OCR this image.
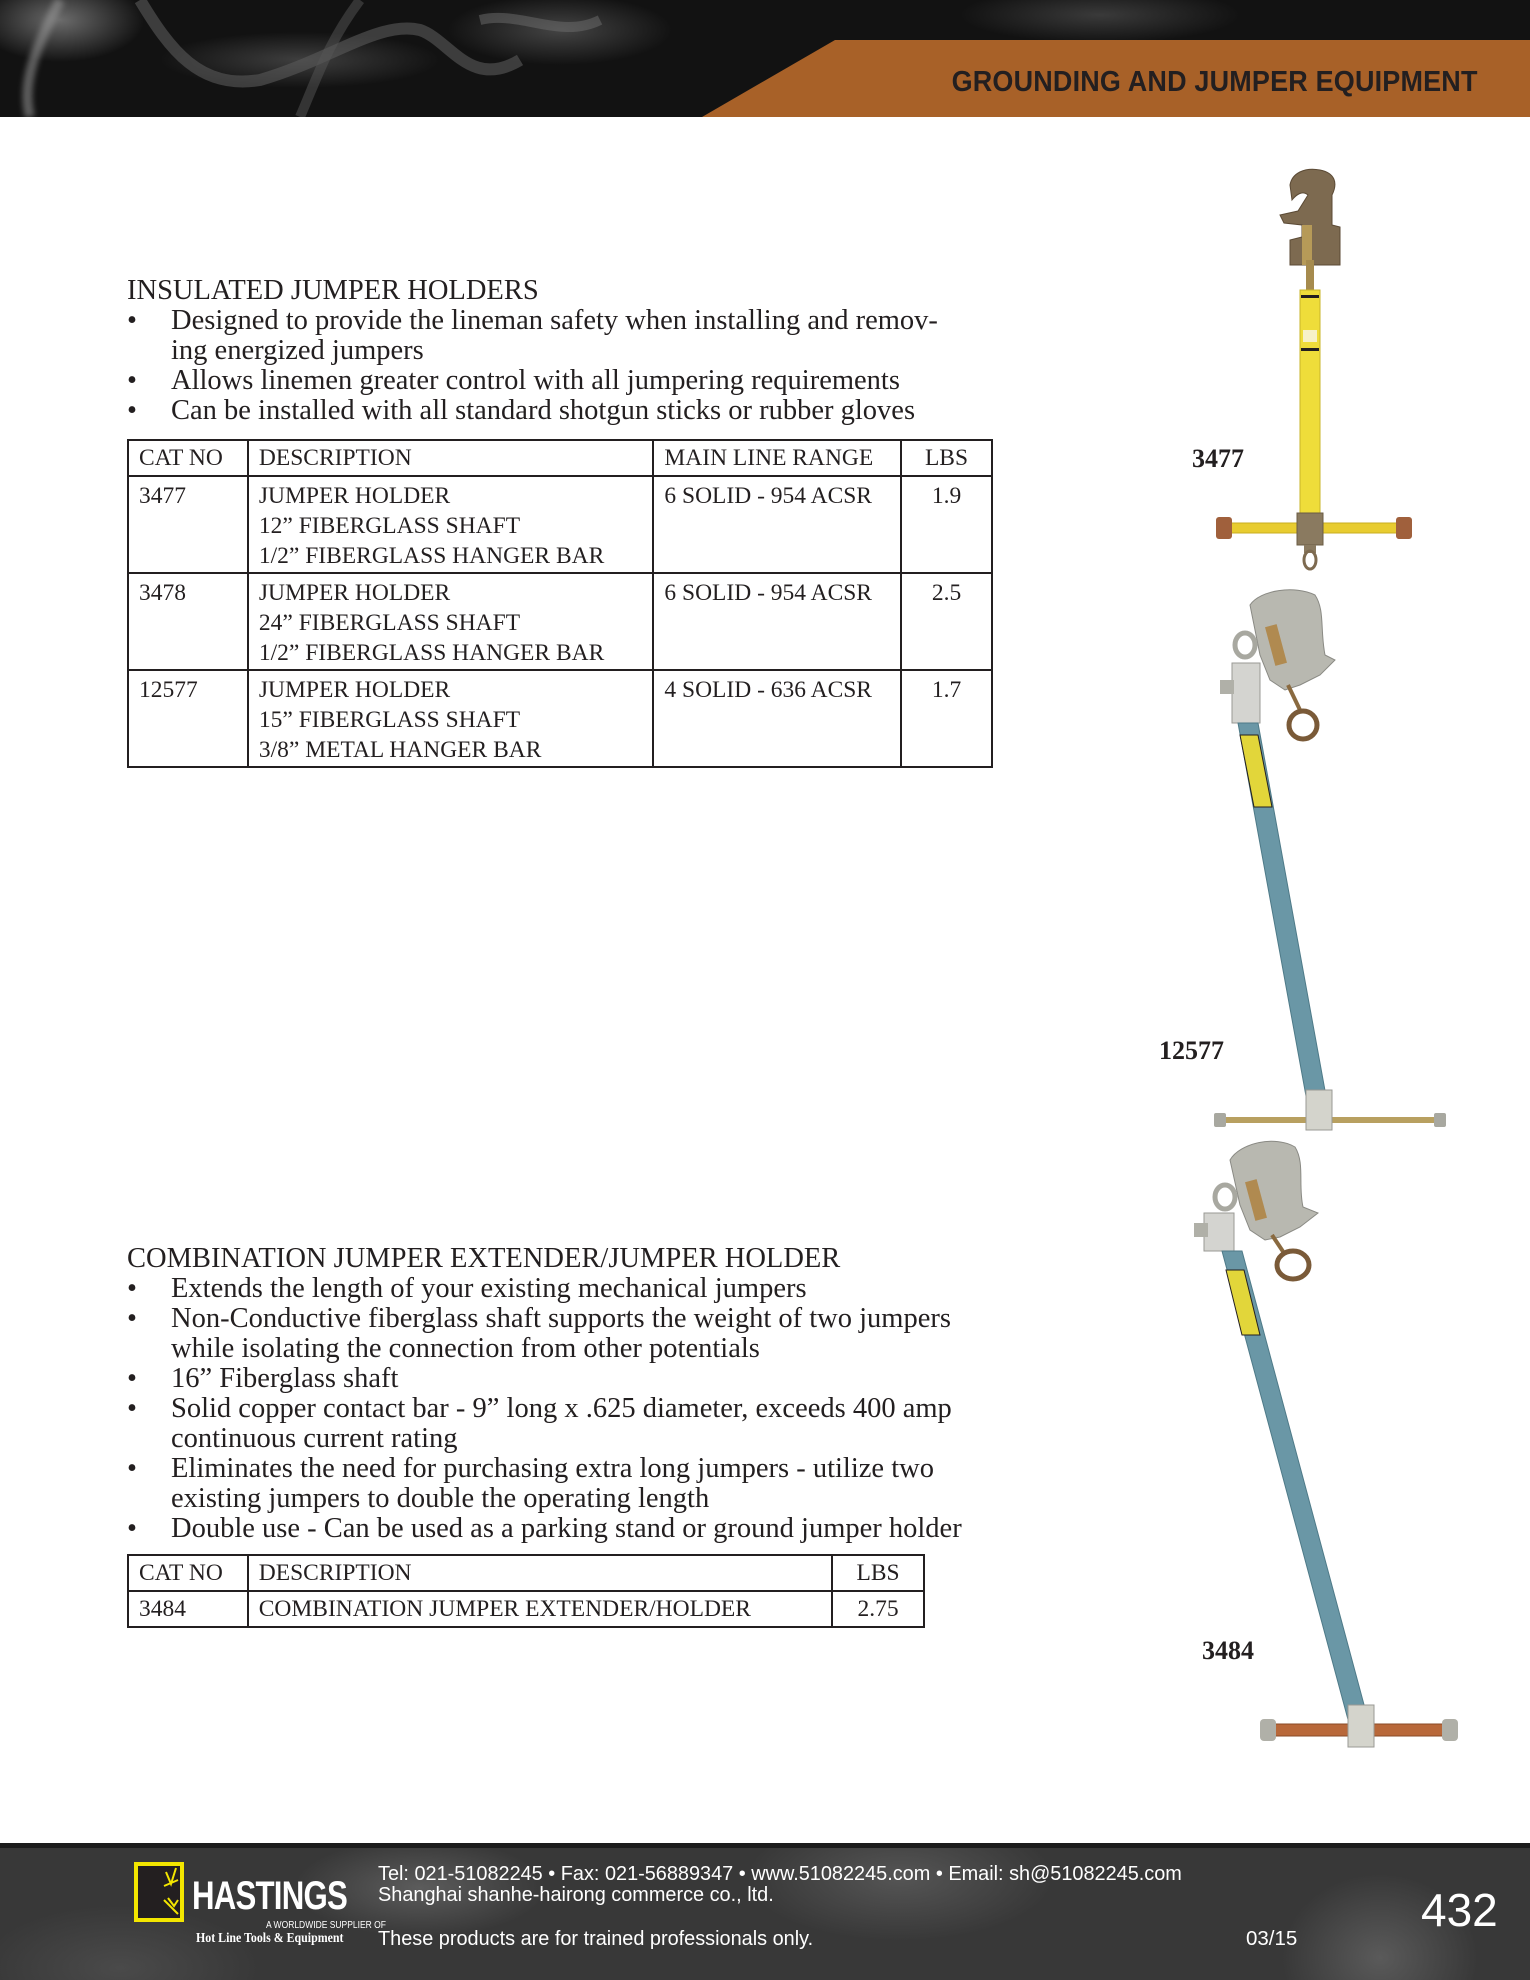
GROUNDING AND JUMPER EQUIPMENT
INSULATED JUMPER HOLDERS
• Designed to provide the lineman safety when installing and remov-
ing energized jumpers
• Allows linemen greater control with all jumpering requirements
• Can be installed with all standard shotgun sticks or rubber gloves
CAT NO	DESCRIPTION	MAIN LINE RANGE	LBS
3477	JUMPER HOLDER
12” FIBERGLASS SHAFT
1/2” FIBERGLASS HANGER BAR	6 SOLID - 954 ACSR	1.9
3478	JUMPER HOLDER
24” FIBERGLASS SHAFT
1/2” FIBERGLASS HANGER BAR	6 SOLID - 954 ACSR	2.5
12577	JUMPER HOLDER
15” FIBERGLASS SHAFT
3/8” METAL HANGER BAR	4 SOLID - 636 ACSR	1.7
COMBINATION JUMPER EXTENDER/JUMPER HOLDER
• Extends the length of your existing mechanical jumpers
• Non-Conductive fiberglass shaft supports the weight of two jumpers
while isolating the connection from other potentials
• 16” Fiberglass shaft
• Solid copper contact bar - 9” long x .625 diameter, exceeds 400 amp
continuous current rating
• Eliminates the need for purchasing extra long jumpers - utilize two
existing jumpers to double the operating length
• Double use - Can be used as a parking stand or ground jumper holder
CAT NO	DESCRIPTION	LBS
3484	COMBINATION JUMPER EXTENDER/HOLDER	2.75
3477
12577
3484
HASTINGS
A WORLDWIDE SUPPLIER OF
Hot Line Tools & Equipment
Tel: 021-51082245 • Fax: 021-56889347 • www.51082245.com • Email: sh@51082245.com
Shanghai shanhe-hairong commerce co., ltd.
These products are for trained professionals only.	03/15
432
